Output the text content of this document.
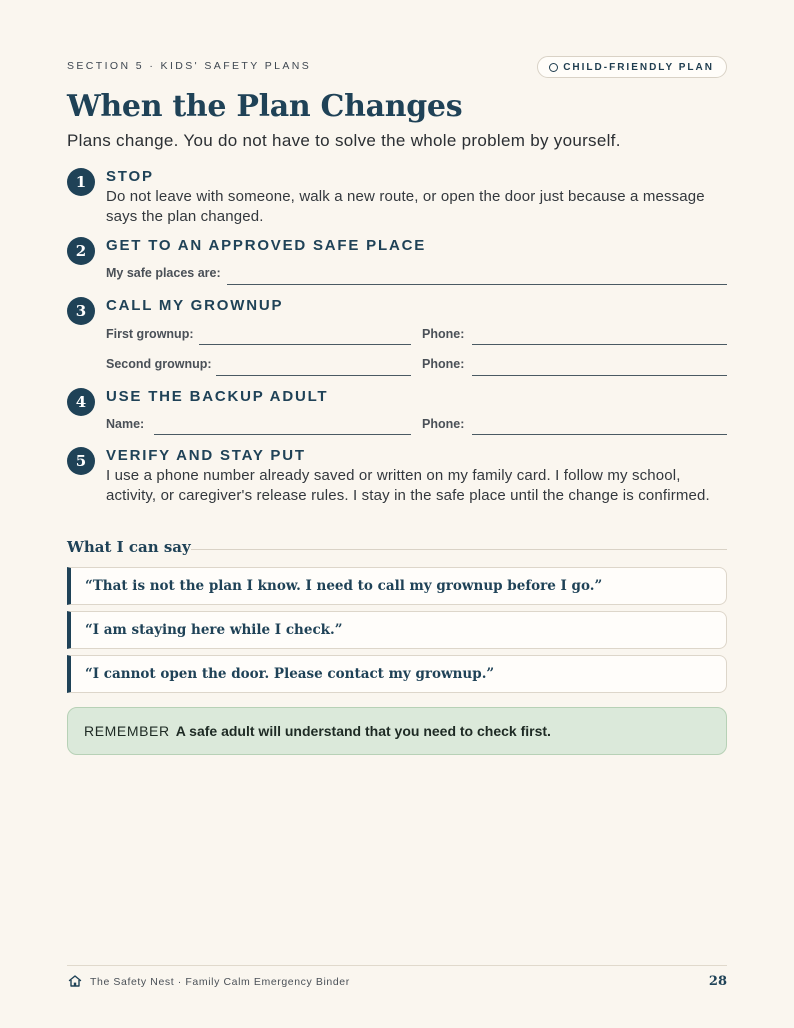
SECTION 5 · KIDS' SAFETY PLANS	CHILD-FRIENDLY PLAN
When the Plan Changes
Plans change. You do not have to solve the whole problem by yourself.
1	STOP
Do not leave with someone, walk a new route, or open the door just because a message says the plan changed.
2	GET TO AN APPROVED SAFE PLACE
My safe places are:
3	CALL MY GROWNUP
First grownup:	Phone:
Second grownup:	Phone:
4	USE THE BACKUP ADULT
Name:	Phone:
5	VERIFY AND STAY PUT
I use a phone number already saved or written on my family card. I follow my school, activity, or caregiver's release rules. I stay in the safe place until the change is confirmed.
What I can say
“That is not the plan I know. I need to call my grownup before I go.”
“I am staying here while I check.”
“I cannot open the door. Please contact my grownup.”
REMEMBER A safe adult will understand that you need to check first.
The Safety Nest · Family Calm Emergency Binder	28
